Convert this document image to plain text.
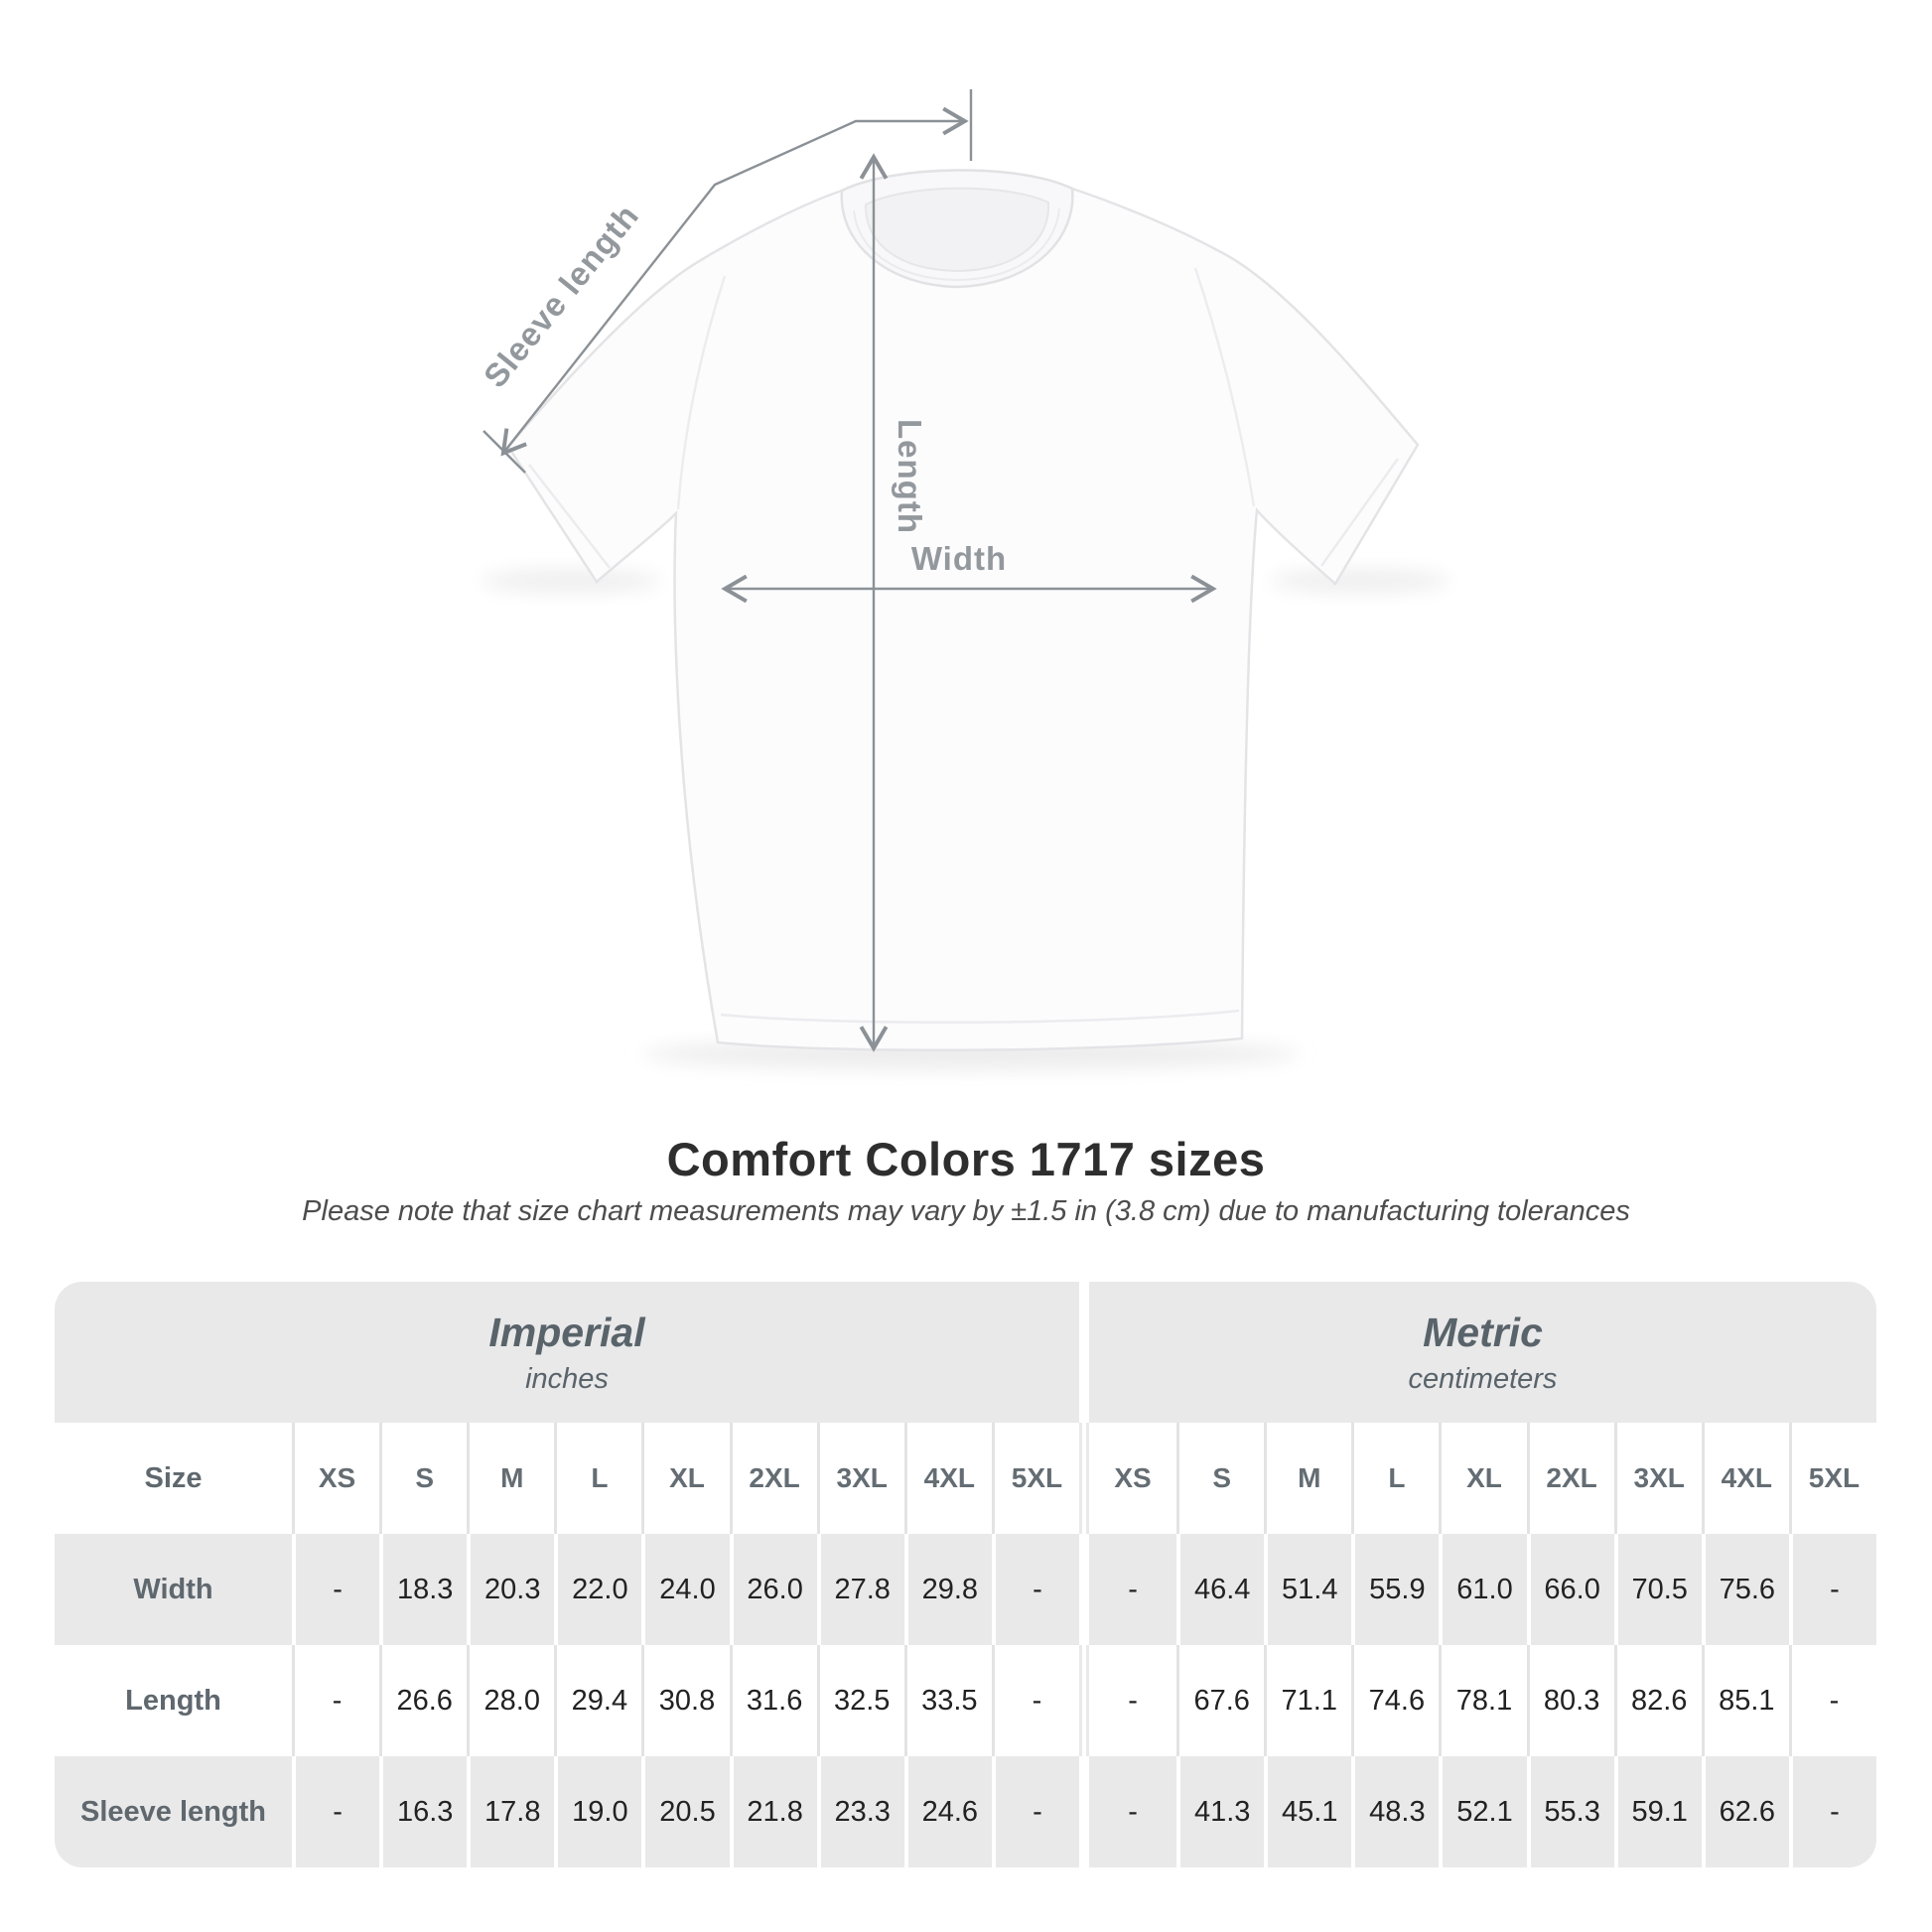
Sleeve length
Length
Width
Comfort Colors 1717 sizes
Please note that size chart measurements may vary by ±1.5 in (3.8 cm) due to manufacturing tolerances
Imperial
inches
Metric
centimeters
Size	XS	S	M	L	XL	2XL	3XL	4XL	5XL	XS	S	M	L	XL	2XL	3XL	4XL	5XL
Width	-	18.3	20.3	22.0	24.0	26.0	27.8	29.8	-	-	46.4	51.4	55.9	61.0	66.0	70.5	75.6	-
Length	-	26.6	28.0	29.4	30.8	31.6	32.5	33.5	-	-	67.6	71.1	74.6	78.1	80.3	82.6	85.1	-
Sleeve length	-	16.3	17.8	19.0	20.5	21.8	23.3	24.6	-	-	41.3	45.1	48.3	52.1	55.3	59.1	62.6	-
